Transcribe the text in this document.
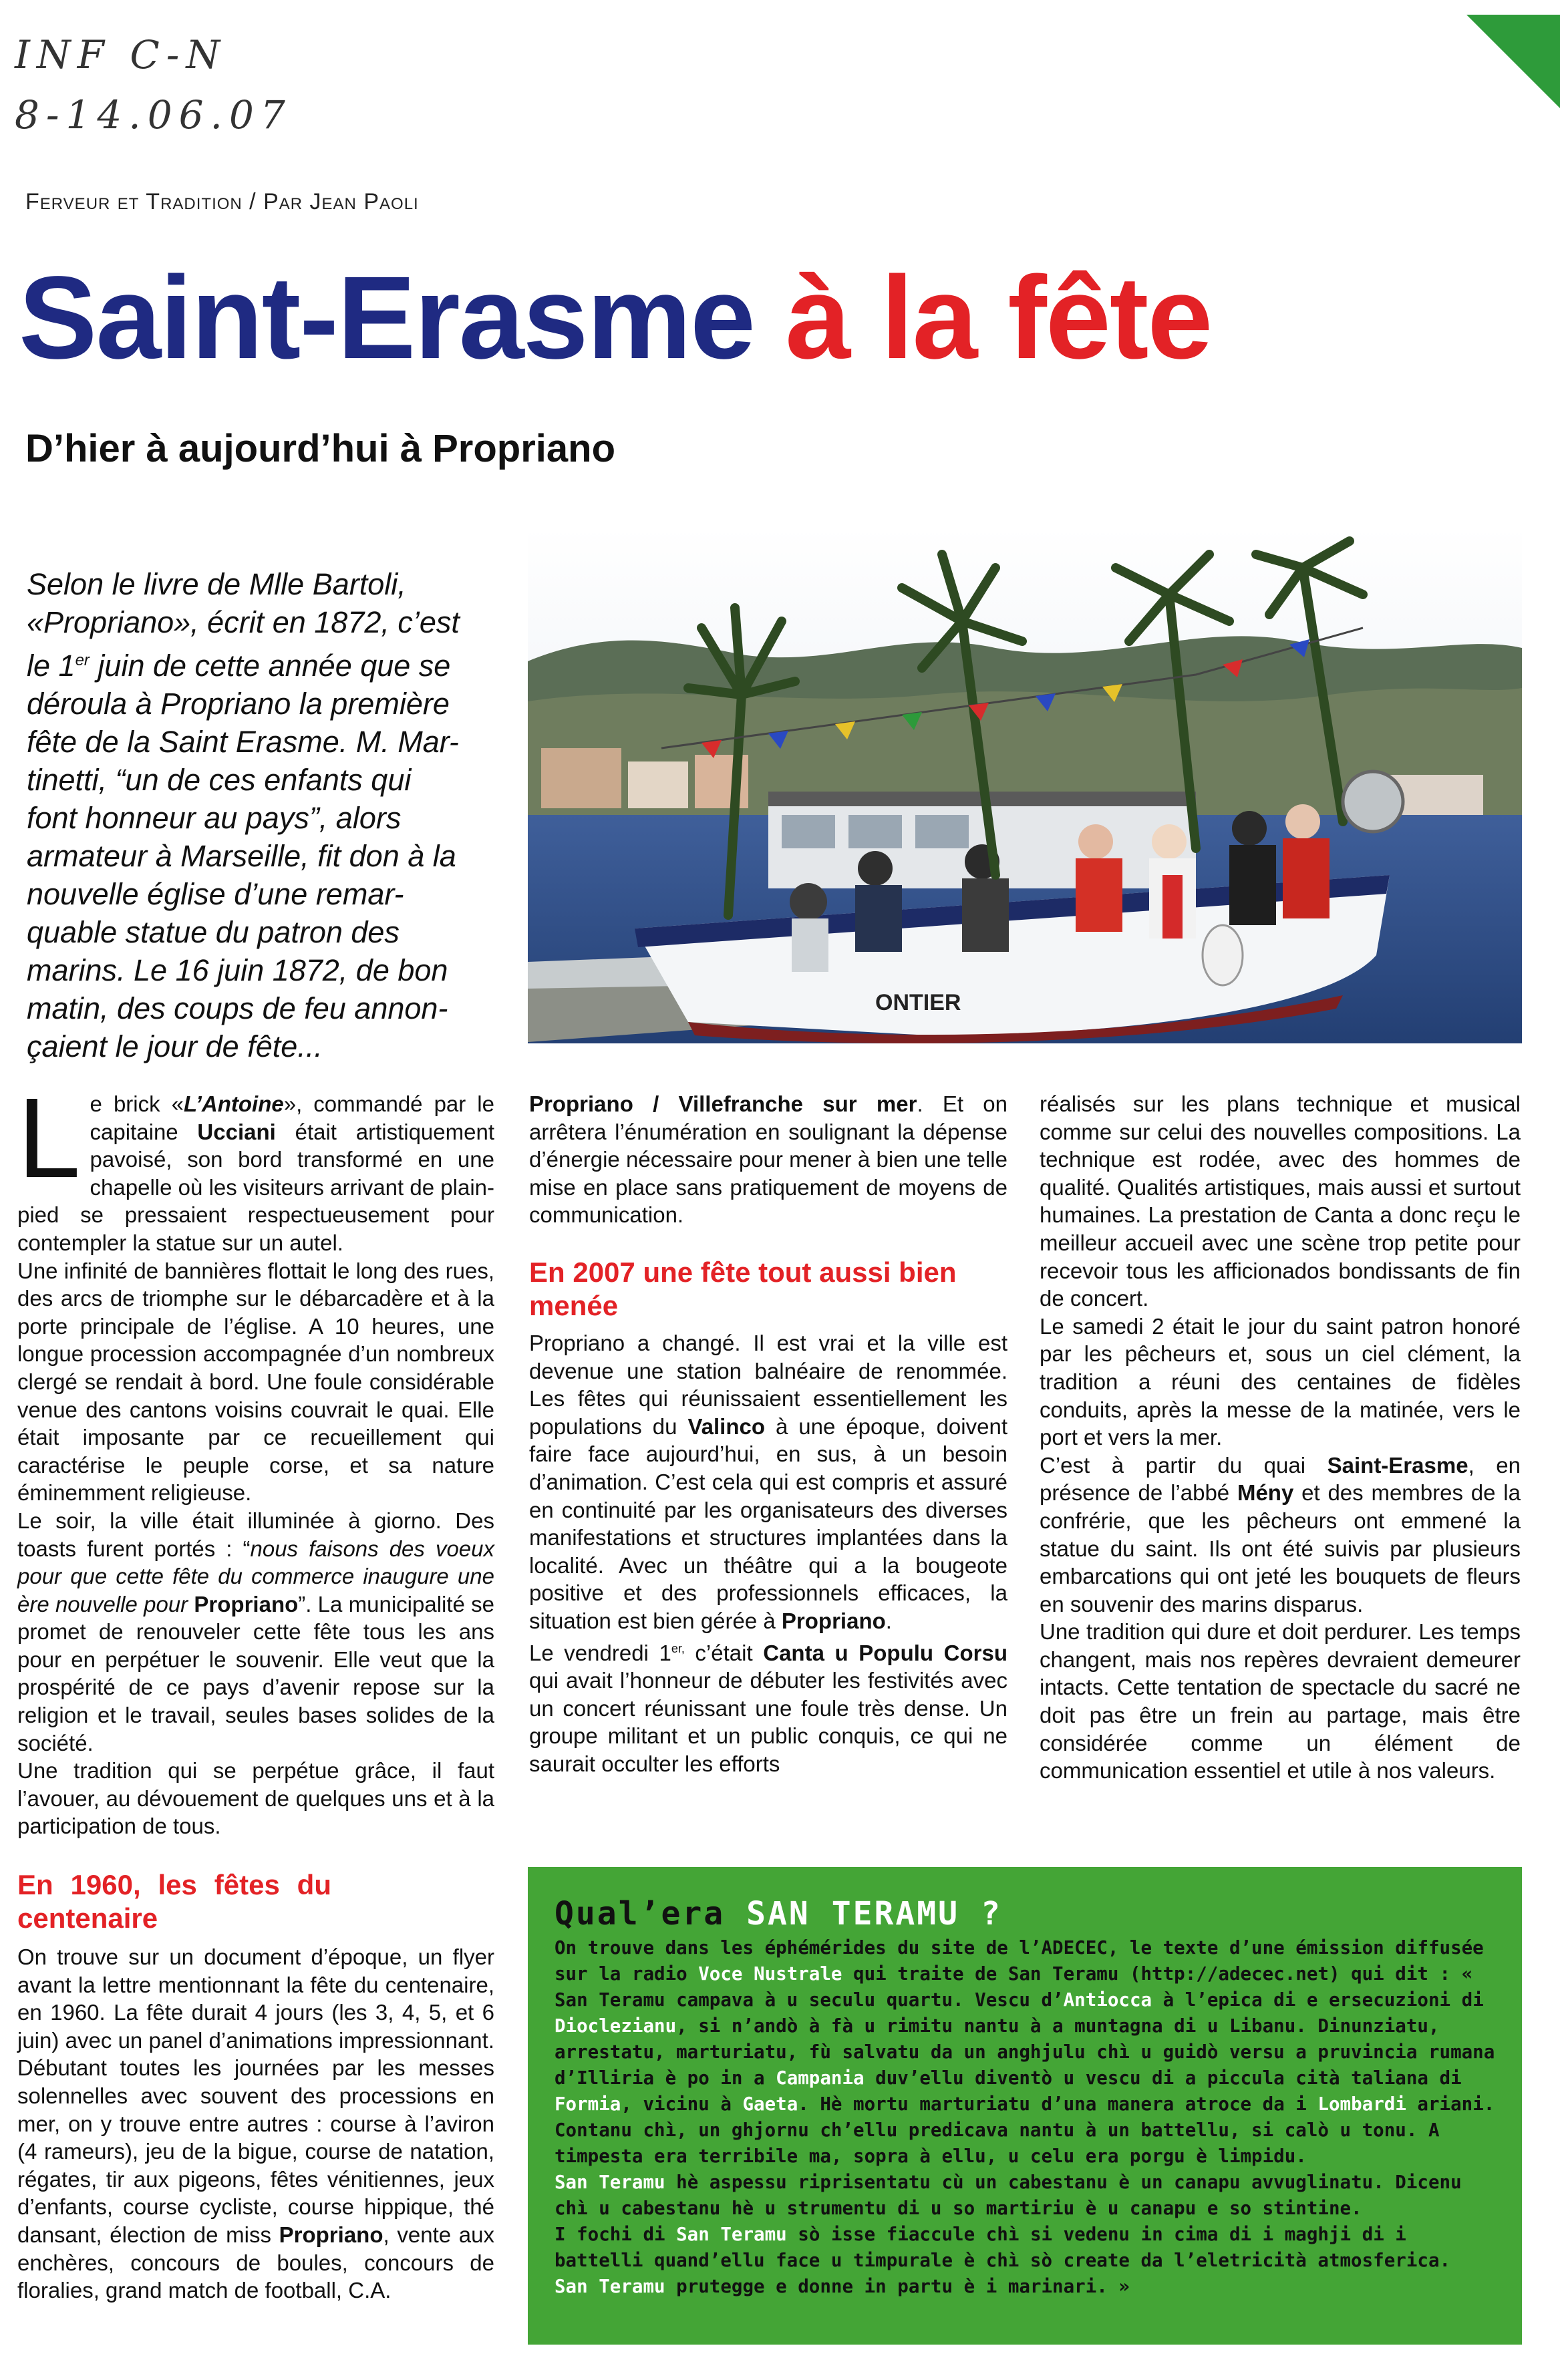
INF C-N
8-14.06.07
Ferveur et Tradition / Par Jean Paoli
Saint-Erasme à la fête
D’hier à aujourd’hui à Propriano
Selon le livre de Mlle Bartoli,
«Propriano», écrit en 1872, c’est
le 1er juin de cette année que se
déroula à Propriano la première
fête de la Saint Erasme. M. Mar-
tinetti, “un de ces enfants qui
font honneur au pays”, alors
armateur à Marseille, fit don à la
nouvelle église d’une remar-
quable statue du patron des
marins. Le 16 juin 1872, de bon
matin, des coups de feu annon-
çaient le jour de fête...
ONTIER

Le brick «L’Antoine», commandé par le capitaine Ucciani était artistiquement pavoisé, son bord transformé en une chapelle où les visiteurs arrivant de plain-pied se pressaient respectueusement pour contempler la statue sur un autel.

Une infinité de bannières flottait le long des rues, des arcs de triomphe sur le débarcadère et à la porte principale de l’église. A 10 heures, une longue procession accompagnée d’un nombreux clergé se rendait à bord. Une foule considérable venue des cantons voisins couvrait le quai. Elle était imposante par ce recueillement qui caractérise le peuple corse, et sa nature éminemment religieuse.

Le soir, la ville était illuminée à giorno. Des toasts furent portés : “nous faisons des voeux pour que cette fête du commerce inaugure une ère nouvelle pour Propriano”. La municipalité se promet de renouveler cette fête tous les ans pour en perpétuer le souvenir. Elle veut que la prospérité de ce pays d’avenir repose sur la religion et le travail, seules bases solides de la société.

Une tradition qui se perpétue grâce, il faut l’avouer, au dévouement de quelques uns et à la participation de tous.

En 1960, les fêtes du centenaire

On trouve sur un document d’époque, un flyer avant la lettre mentionnant la fête du centenaire, en 1960. La fête durait 4 jours (les 3, 4, 5, et 6 juin) avec un panel d’animations impressionnant. Débutant toutes les journées par les messes solennelles avec souvent des processions en mer, on y trouve entre autres : course à l’aviron (4 rameurs), jeu de la bigue, course de natation, régates, tir aux pigeons, fêtes vénitiennes, jeux d’enfants, course cycliste, course hippique, thé dansant, élection de miss Propriano, vente aux enchères, concours de boules, concours de floralies, grand match de football, C.A.

Propriano / Villefranche sur mer. Et on arrêtera l’énumération en soulignant la dépense d’énergie nécessaire pour mener à bien une telle mise en place sans pratiquement de moyens de communication.

En 2007 une fête tout aussi bien menée

Propriano a changé. Il est vrai et la ville est devenue une station balnéaire de renommée. Les fêtes qui réunissaient essentiellement les populations du Valinco à une époque, doivent faire face aujourd’hui, en sus, à un besoin d’animation. C’est cela qui est compris et assuré en continuité par les organisateurs des diverses manifestations et structures implantées dans la localité. Avec un théâtre qui a la bougeote positive et des professionnels efficaces, la situation est bien gérée à Propriano.

Le vendredi $1^{er,}$ c’était Canta u Populu Corsu qui avait l’honneur de débuter les festivités avec un concert réunissant une foule très dense. Un groupe militant et un public conquis, ce qui ne saurait occulter les efforts

réalisés sur les plans technique et musical comme sur celui des nouvelles compositions. La technique est rodée, avec des hommes de qualité. Qualités artistiques, mais aussi et surtout humaines. La prestation de Canta a donc reçu le meilleur accueil avec une scène trop petite pour recevoir tous les afficionados bondissants de fin de concert.

Le samedi 2 était le jour du saint patron honoré par les pêcheurs et, sous un ciel clément, la tradition a réuni des centaines de fidèles conduits, après la messe de la matinée, vers le port et vers la mer.

C’est à partir du quai Saint-Erasme, en présence de l’abbé Mény et des membres de la confrérie, que les pêcheurs ont emmené la statue du saint. Ils ont été suivis par plusieurs embarcations qui ont jeté les bouquets de fleurs en souvenir des marins disparus.

Une tradition qui dure et doit perdurer. Les temps changent, mais nos repères devraient demeurer intacts. Cette tentation de spectacle du sacré ne doit pas être un frein au partage, mais être considérée comme un élément de communication essentiel et utile à nos valeurs.

Qual’era SAN TERAMU ?

On trouve dans les éphémérides du site de l’ADECEC, le texte d’une émission diffusée sur la radio Voce Nustrale qui traite de San Teramu (http://adecec.net) qui dit : « San Teramu campava à u seculu quartu. Vescu d’Antiocca à l’epica di e ersecuzioni di Dioclezianu, si n’andò à fà u rimitu nantu à a muntagna di u Libanu. Dinunziatu, arrestatu, marturiatu, fù salvatu da un anghjulu chì u guidò versu a pruvincia rumana d’Illiria è po in a Campania duv’ellu diventò u vescu di a piccula cità taliana di Formia, vicinu à Gaeta. Hè mortu marturiatu d’una manera atroce da i Lombardi ariani.

Contanu chì, un ghjornu ch’ellu predicava nantu à un battellu, si calò u tonu. A timpesta era terribile ma, sopra à ellu, u celu era porgu è limpidu.

San Teramu hè aspessu riprisentatu cù un cabestanu è un canapu avvuglinatu. Dicenu chì u cabestanu hè u strumentu di u so martiriu è u canapu e so stintine.

I fochi di San Teramu sò isse fiaccule chì si vedenu in cima di i maghji di i battelli quand’ellu face u timpurale è chì sò create da l’eletricità atmosferica.

San Teramu prutegge e donne in partu è i marinari. »
